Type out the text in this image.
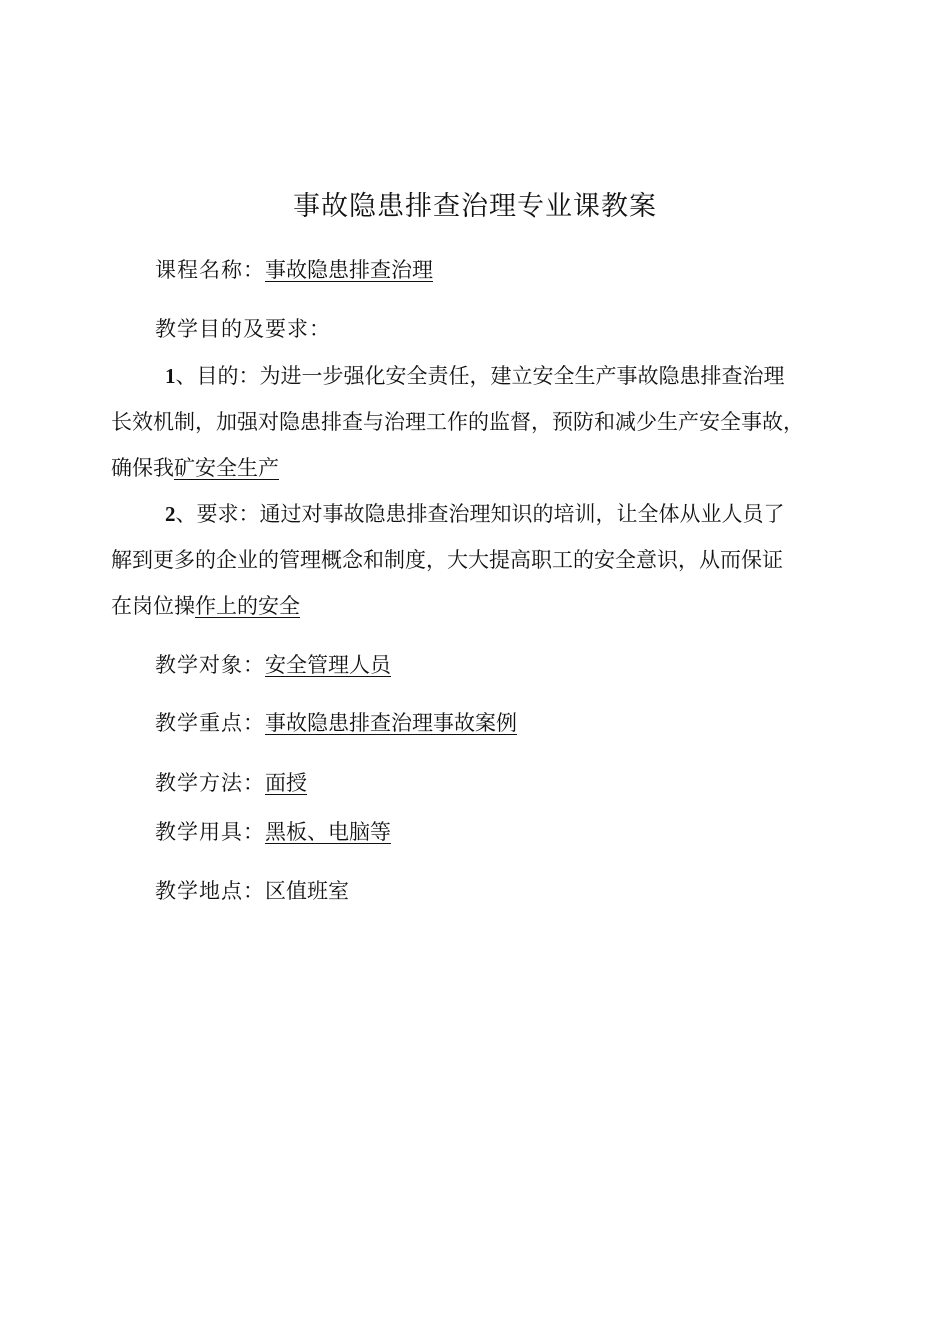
事故隐患排查治理专业课教案
课程名称：事故隐患排查治理
教学目的及要求：
1、目的：为进一步强化安全责任，建立安全生产事故隐患排查治理
长效机制，加强对隐患排查与治理工作的监督，预防和减少生产安全事故，
确保我矿安全生产
2、要求：通过对事故隐患排查治理知识的培训，让全体从业人员了
解到更多的企业的管理概念和制度，大大提高职工的安全意识，从而保证
在岗位操作上的安全
教学对象：安全管理人员
教学重点：事故隐患排查治理事故案例
教学方法：面授
教学用具：黑板、电脑等
教学地点：区值班室
